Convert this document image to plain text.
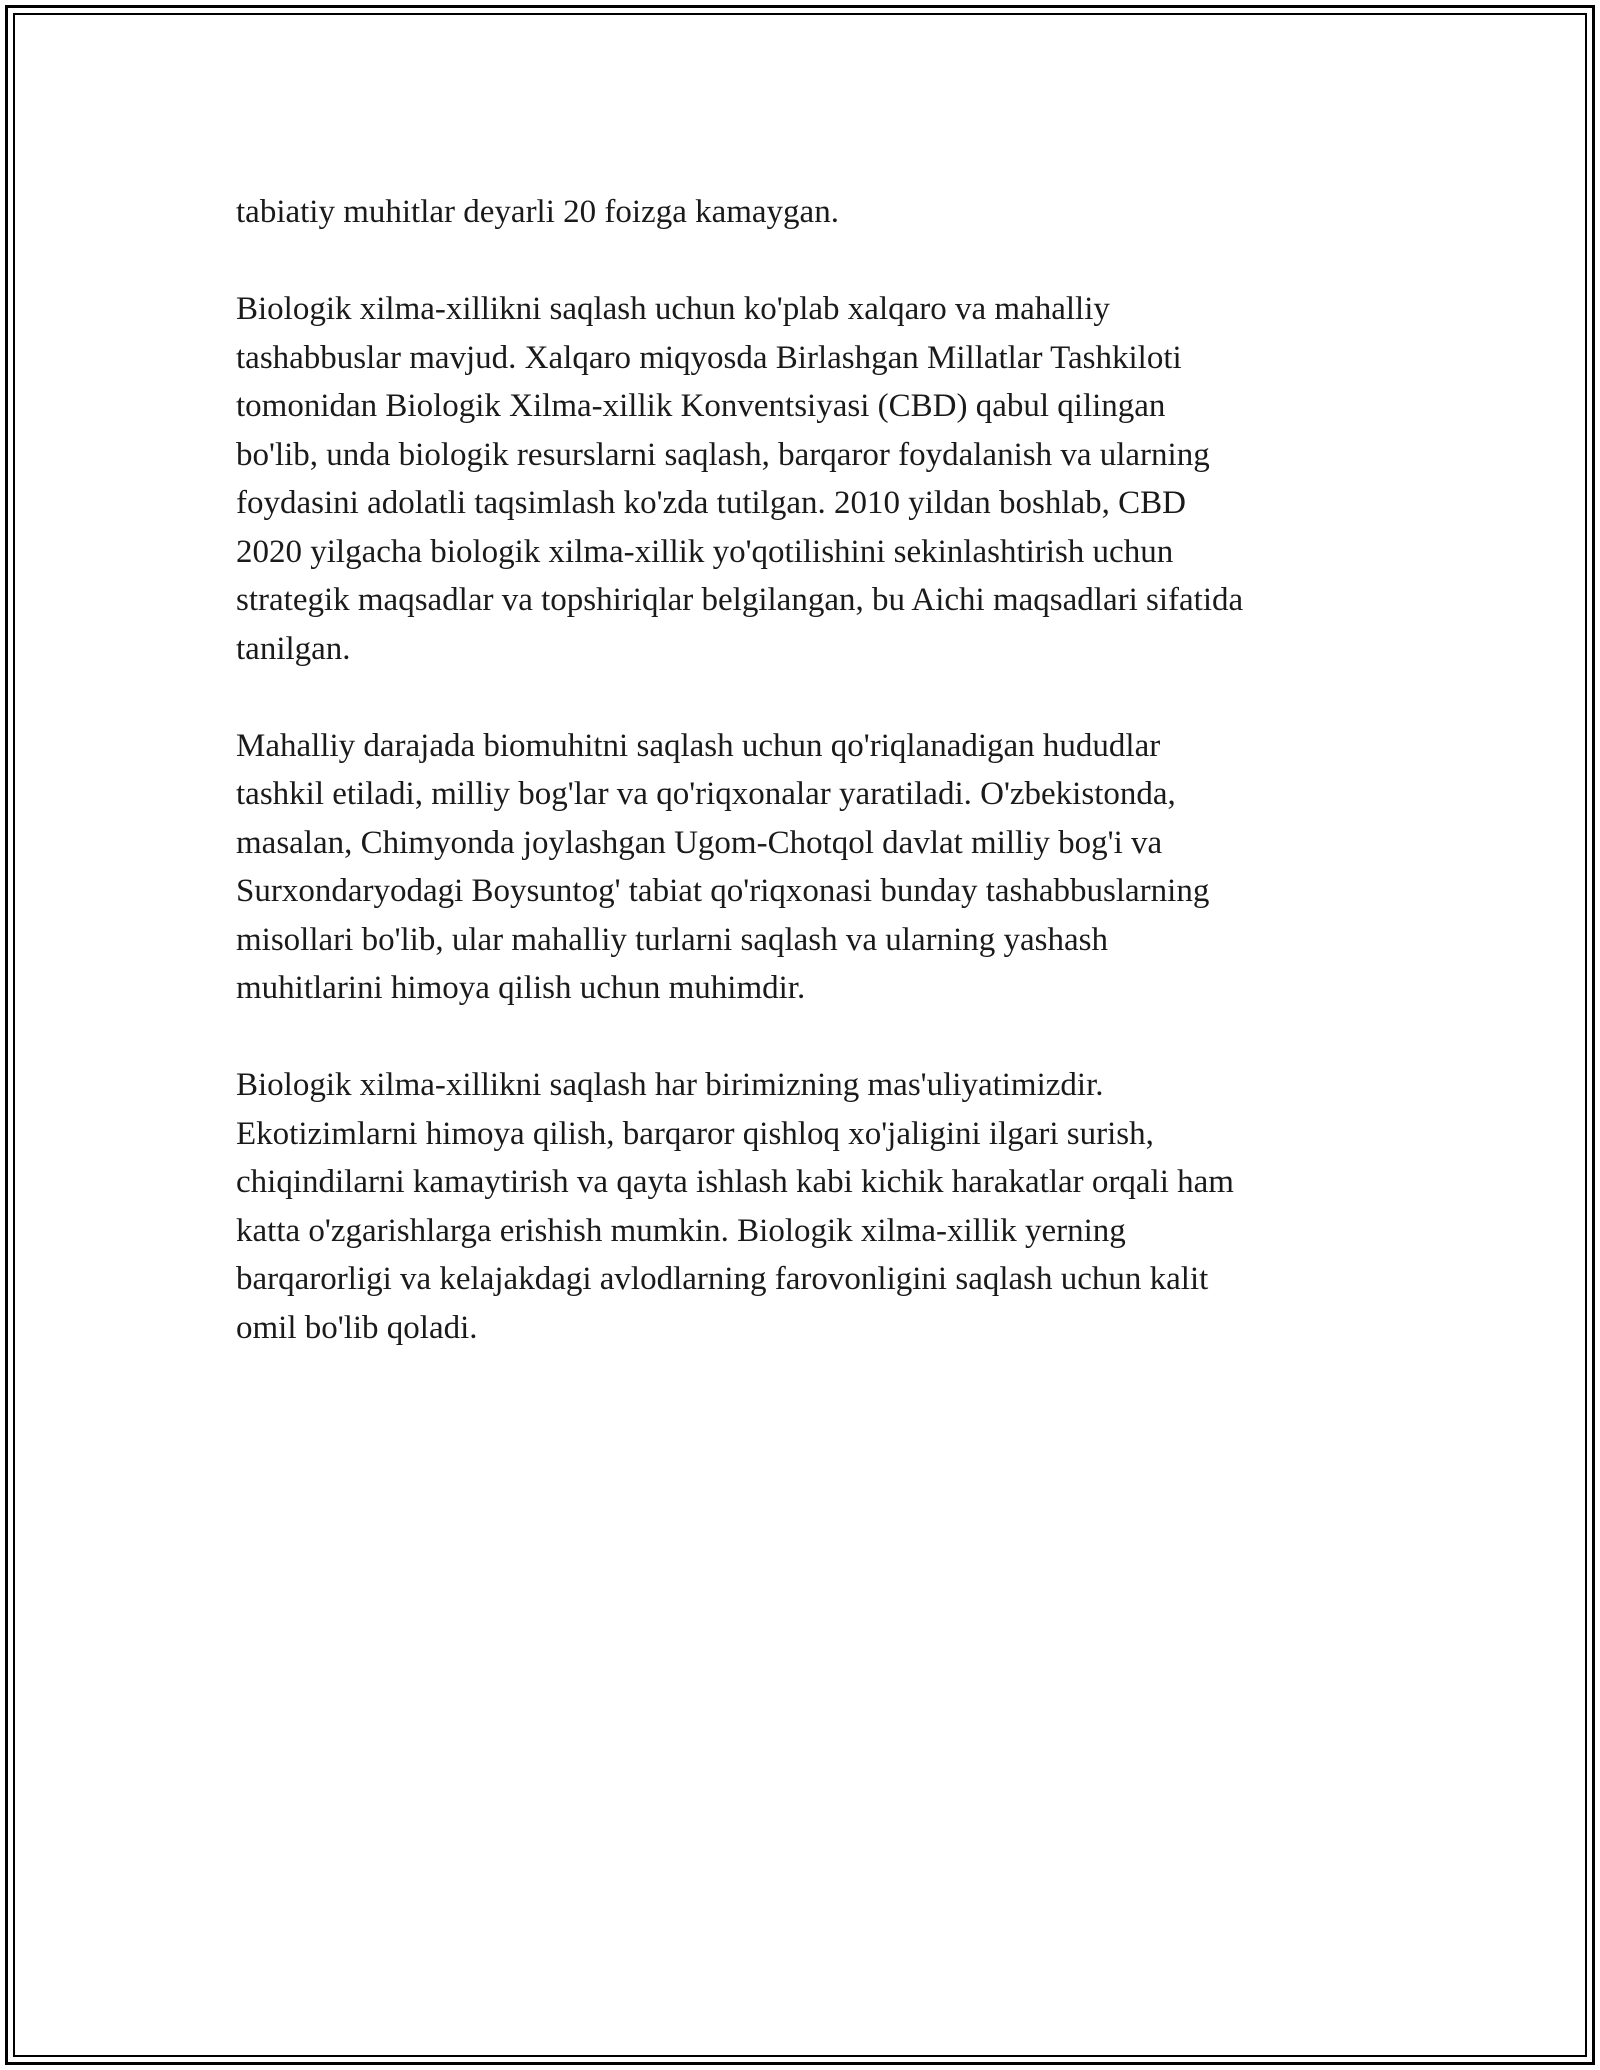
tabiatiy muhitlar deyarli 20 foizga kamaygan.

Biologik xilma-xillikni saqlash uchun ko'plab xalqaro va mahalliy
tashabbuslar mavjud. Xalqaro miqyosda Birlashgan Millatlar Tashkiloti
tomonidan Biologik Xilma-xillik Konventsiyasi (CBD) qabul qilingan
bo'lib, unda biologik resurslarni saqlash, barqaror foydalanish va ularning
foydasini adolatli taqsimlash ko'zda tutilgan. 2010 yildan boshlab, CBD
2020 yilgacha biologik xilma-xillik yo'qotilishini sekinlashtirish uchun
strategik maqsadlar va topshiriqlar belgilangan, bu Aichi maqsadlari sifatida
tanilgan.

Mahalliy darajada biomuhitni saqlash uchun qo'riqlanadigan hududlar
tashkil etiladi, milliy bog'lar va qo'riqxonalar yaratiladi. O'zbekistonda,
masalan, Chimyonda joylashgan Ugom-Chotqol davlat milliy bog'i va
Surxondaryodagi Boysuntog' tabiat qo'riqxonasi bunday tashabbuslarning
misollari bo'lib, ular mahalliy turlarni saqlash va ularning yashash
muhitlarini himoya qilish uchun muhimdir.

Biologik xilma-xillikni saqlash har birimizning mas'uliyatimizdir.
Ekotizimlarni himoya qilish, barqaror qishloq xo'jaligini ilgari surish,
chiqindilarni kamaytirish va qayta ishlash kabi kichik harakatlar orqali ham
katta o'zgarishlarga erishish mumkin. Biologik xilma-xillik yerning
barqarorligi va kelajakdagi avlodlarning farovonligini saqlash uchun kalit
omil bo'lib qoladi.
